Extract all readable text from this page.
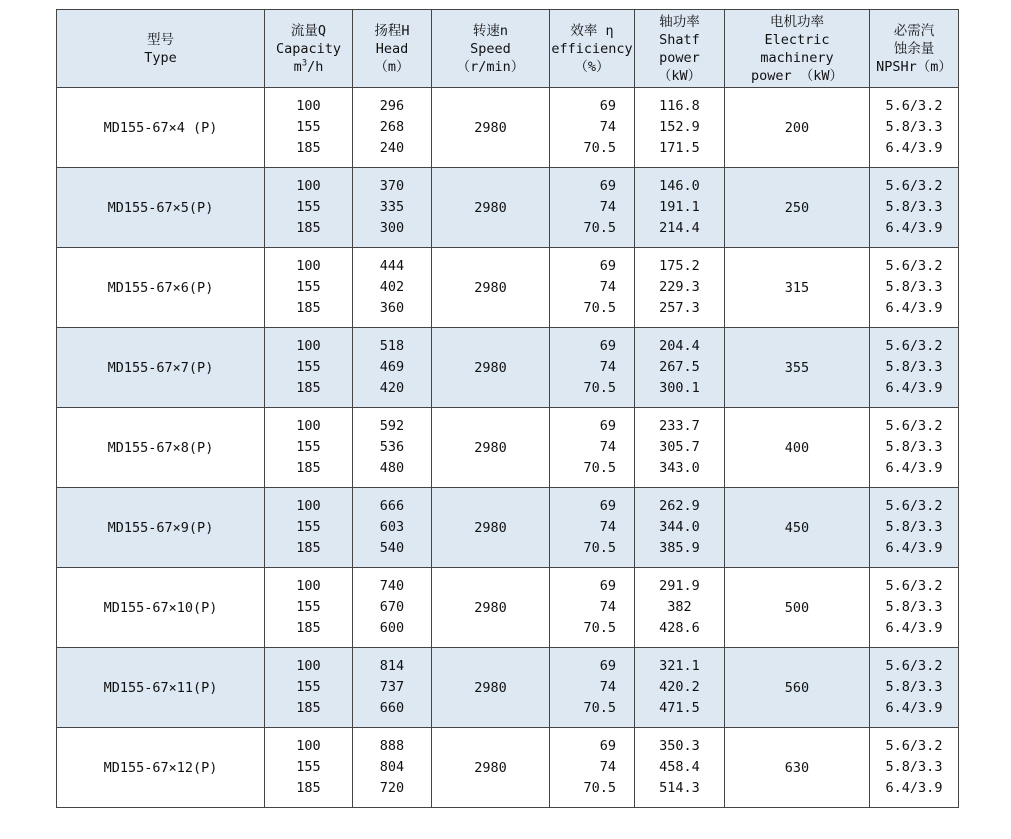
型号
Type	流量Q
Capacity
$m^3/h$	扬程H
Head
（m）	转速n
Speed
（r/min）	效率 η
efficiency
（%）	轴功率
Shatf power
（kW）	电机功率
Electric machinery
power （kW）	必需汽
蚀余量
NPSHr（m）

MD155-67×4 (P)	100
155
185	296
268
240	2980	69
74
70.5	116.8
152.9
171.5	200	5.6/3.2
5.8/3.3
6.4/3.9

MD155-67×5(P)	100
155
185	370
335
300	2980	69
74
70.5	146.0
191.1
214.4	250	5.6/3.2
5.8/3.3
6.4/3.9

MD155-67×6(P)	100
155
185	444
402
360	2980	69
74
70.5	175.2
229.3
257.3	315	5.6/3.2
5.8/3.3
6.4/3.9

MD155-67×7(P)	100
155
185	518
469
420	2980	69
74
70.5	204.4
267.5
300.1	355	5.6/3.2
5.8/3.3
6.4/3.9

MD155-67×8(P)	100
155
185	592
536
480	2980	69
74
70.5	233.7
305.7
343.0	400	5.6/3.2
5.8/3.3
6.4/3.9

MD155-67×9(P)	100
155
185	666
603
540	2980	69
74
70.5	262.9
344.0
385.9	450	5.6/3.2
5.8/3.3
6.4/3.9

MD155-67×10(P)	100
155
185	740
670
600	2980	69
74
70.5	291.9
382
428.6	500	5.6/3.2
5.8/3.3
6.4/3.9

MD155-67×11(P)	100
155
185	814
737
660	2980	69
74
70.5	321.1
420.2
471.5	560	5.6/3.2
5.8/3.3
6.4/3.9

MD155-67×12(P)	100
155
185	888
804
720	2980	69
74
70.5	350.3
458.4
514.3	630	5.6/3.2
5.8/3.3
6.4/3.9
